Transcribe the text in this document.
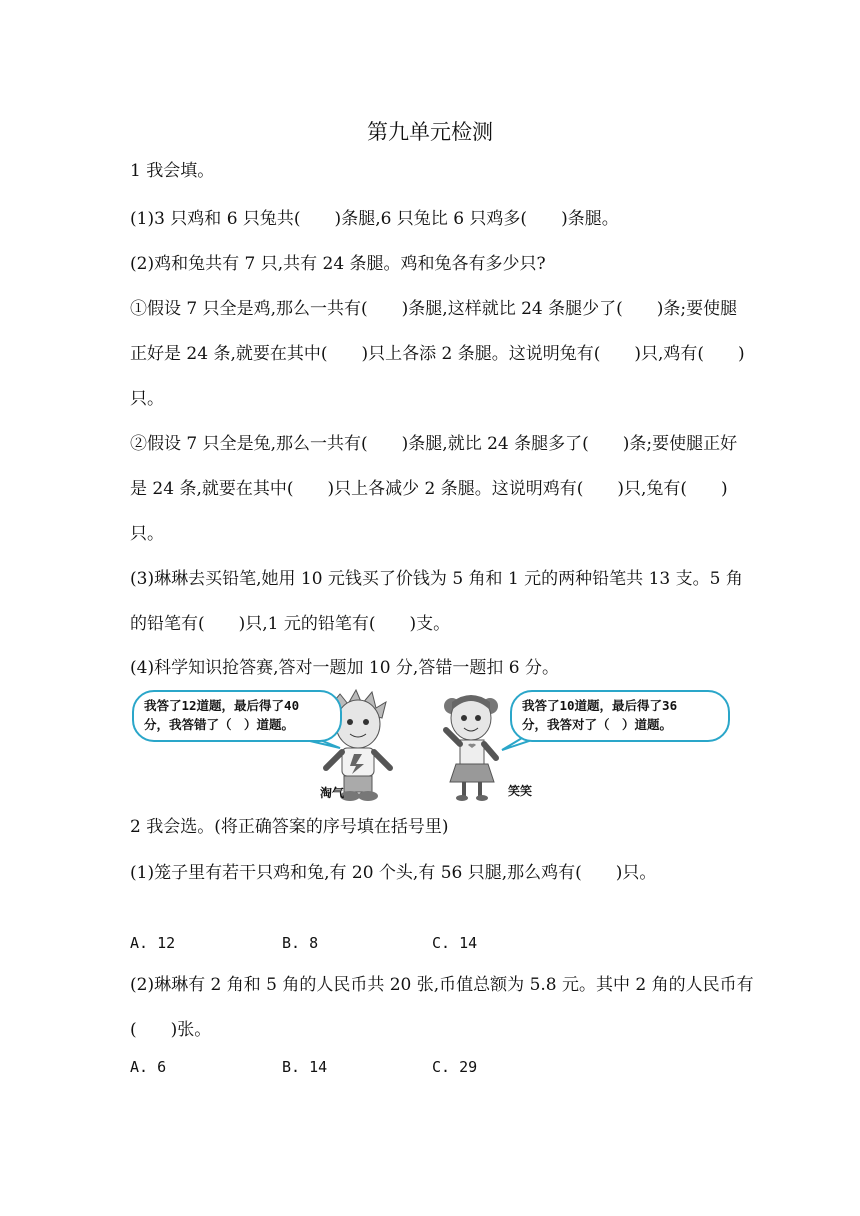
第九单元检测
1 我会填。
(1)3 只鸡和 6 只兔共(　　)条腿,6 只兔比 6 只鸡多(　　)条腿。
(2)鸡和兔共有 7 只,共有 24 条腿。鸡和兔各有多少只?
①假设 7 只全是鸡,那么一共有(　　)条腿,这样就比 24 条腿少了(　　)条;要使腿
正好是 24 条,就要在其中(　　)只上各添 2 条腿。这说明兔有(　　)只,鸡有(　　)
只。
②假设 7 只全是兔,那么一共有(　　)条腿,就比 24 条腿多了(　　)条;要使腿正好
是 24 条,就要在其中(　　)只上各减少 2 条腿。这说明鸡有(　　)只,兔有(　　)
只。
(3)琳琳去买铅笔,她用 10 元钱买了价钱为 5 角和 1 元的两种铅笔共 13 支。5 角
的铅笔有(　　)只,1 元的铅笔有(　　)支。
(4)科学知识抢答赛,答对一题加 10 分,答错一题扣 6 分。
我答了12道题，最后得了40
分，我答错了（　）道题。
我答了10道题，最后得了36
分，我答对了（　）道题。
淘气	笑笑
2 我会选。(将正确答案的序号填在括号里)
(1)笼子里有若干只鸡和兔,有 20 个头,有 56 只腿,那么鸡有(　　)只。
A. 12	B. 8	C. 14
(2)琳琳有 2 角和 5 角的人民币共 20 张,币值总额为 5.8 元。其中 2 角的人民币有
(　　)张。
A. 6	B. 14	C. 29
